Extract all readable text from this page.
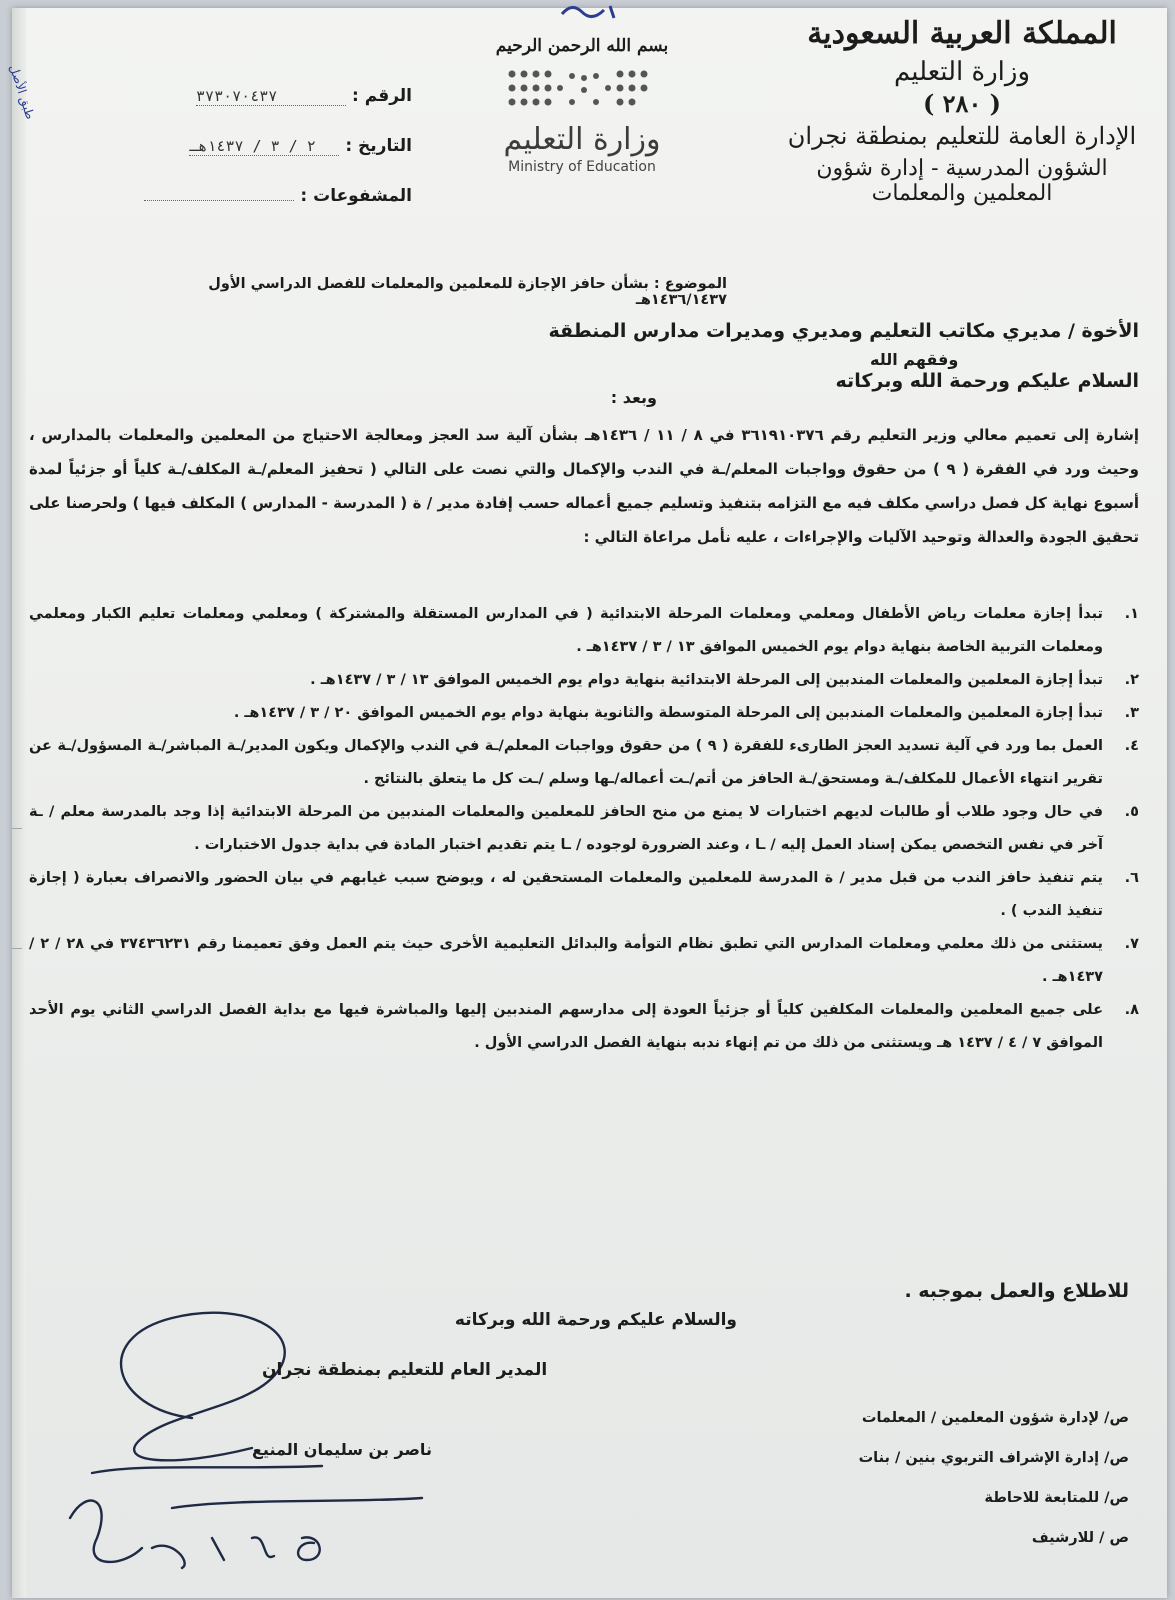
طبق الأصل
المملكة العربية السعودية
وزارة التعليم
( ٢٨٠ )
الإدارة العامة للتعليم بمنطقة نجران
الشؤون المدرسية - إدارة شؤون المعلمين والمعلمات
بسم الله الرحمن الرحيم
وزارة التعليم
Ministry of Education
الرقم :
٣٧٣٠٧٠٤٣٧
التاريخ :
٢ / ٣ / ١٤٣٧هـ
المشفوعات :
الموضوع : بشأن حافز الإجازة للمعلمين والمعلمات للفصل الدراسي الأول ١٤٣٦/١٤٣٧هـ
الأخوة / مديري مكاتب التعليم ومديري ومديرات مدارس المنطقة
وفقهم الله
السلام عليكم ورحمة الله وبركاته
وبعد :
إشارة إلى تعميم معالي وزير التعليم رقم ٣٦١٩١٠٣٧٦ في ٨ / ١١ / ١٤٣٦هـ بشأن آلية سد العجز ومعالجة الاحتياج من المعلمين والمعلمات بالمدارس ، وحيث ورد في الفقرة ( ٩ ) من حقوق وواجبات المعلم/ـة في الندب والإكمال والتي نصت على التالي ( تحفيز المعلم/ـة المكلف/ـة كلياً أو جزئياً لمدة أسبوع نهاية كل فصل دراسي مكلف فيه مع التزامه بتنفيذ وتسليم جميع أعماله حسب إفادة مدير / ة ( المدرسة - المدارس ) المكلف فيها ) ولحرصنا على تحقيق الجودة والعدالة وتوحيد الآليات والإجراءات ، عليه نأمل مراعاة التالي :
١.
تبدأ إجازة معلمات رياض الأطفال ومعلمي ومعلمات المرحلة الابتدائية ( في المدارس المستقلة والمشتركة ) ومعلمي ومعلمات تعليم الكبار ومعلمي ومعلمات التربية الخاصة بنهاية دوام يوم الخميس الموافق ١٣ / ٣ / ١٤٣٧هـ .
٢.
تبدأ إجازة المعلمين والمعلمات المندبين إلى المرحلة الابتدائية بنهاية دوام يوم الخميس الموافق ١٣ / ٣ / ١٤٣٧هـ .
٣.
تبدأ إجازة المعلمين والمعلمات المندبين إلى المرحلة المتوسطة والثانوية بنهاية دوام يوم الخميس الموافق ٢٠ / ٣ / ١٤٣٧هـ .
٤.
العمل بما ورد في آلية تسديد العجز الطارىء للفقرة ( ٩ ) من حقوق وواجبات المعلم/ـة في الندب والإكمال ويكون المدير/ـة المباشر/ـة المسؤول/ـة عن تقرير انتهاء الأعمال للمكلف/ـة ومستحق/ـة الحافز من أتم/ـت أعماله/ـها وسلم /ـت كل ما يتعلق بالنتائج .
٥.
في حال وجود طلاب أو طالبات لديهم اختبارات لا يمنع من منح الحافز للمعلمين والمعلمات المندبين من المرحلة الابتدائية إذا وجد بالمدرسة معلم / ـة آخر في نفس التخصص يمكن إسناد العمل إليه / ـا ، وعند الضرورة لوجوده / ـا يتم تقديم اختبار المادة في بداية جدول الاختبارات .
٦.
يتم تنفيذ حافز الندب من قبل مدير / ة المدرسة للمعلمين والمعلمات المستحقين له ، ويوضح سبب غيابهم في بيان الحضور والانصراف بعبارة ( إجازة تنفيذ الندب ) .
٧.
يستثنى من ذلك معلمي ومعلمات المدارس التي تطبق نظام التوأمة والبدائل التعليمية الأخرى حيث يتم العمل وفق تعميمنا رقم ٣٧٤٣٦٢٣١ في ٢٨ / ٢ / ١٤٣٧هـ .
٨.
على جميع المعلمين والمعلمات المكلفين كلياً أو جزئياً العودة إلى مدارسهم المندبين إليها والمباشرة فيها مع بداية الفصل الدراسي الثاني يوم الأحد الموافق ٧ / ٤ / ١٤٣٧ هـ ويستثنى من ذلك من تم إنهاء ندبه بنهاية الفصل الدراسي الأول .
للاطلاع والعمل بموجبه .
والسلام عليكم ورحمة الله وبركاته
المدير العام للتعليم بمنطقة نجران
ناصر بن سليمان المنيع
ص/ لإدارة شؤون المعلمين / المعلمات
ص/ إدارة الإشراف التربوي بنين / بنات
ص/ للمتابعة للاحاطة
ص / للارشيف
